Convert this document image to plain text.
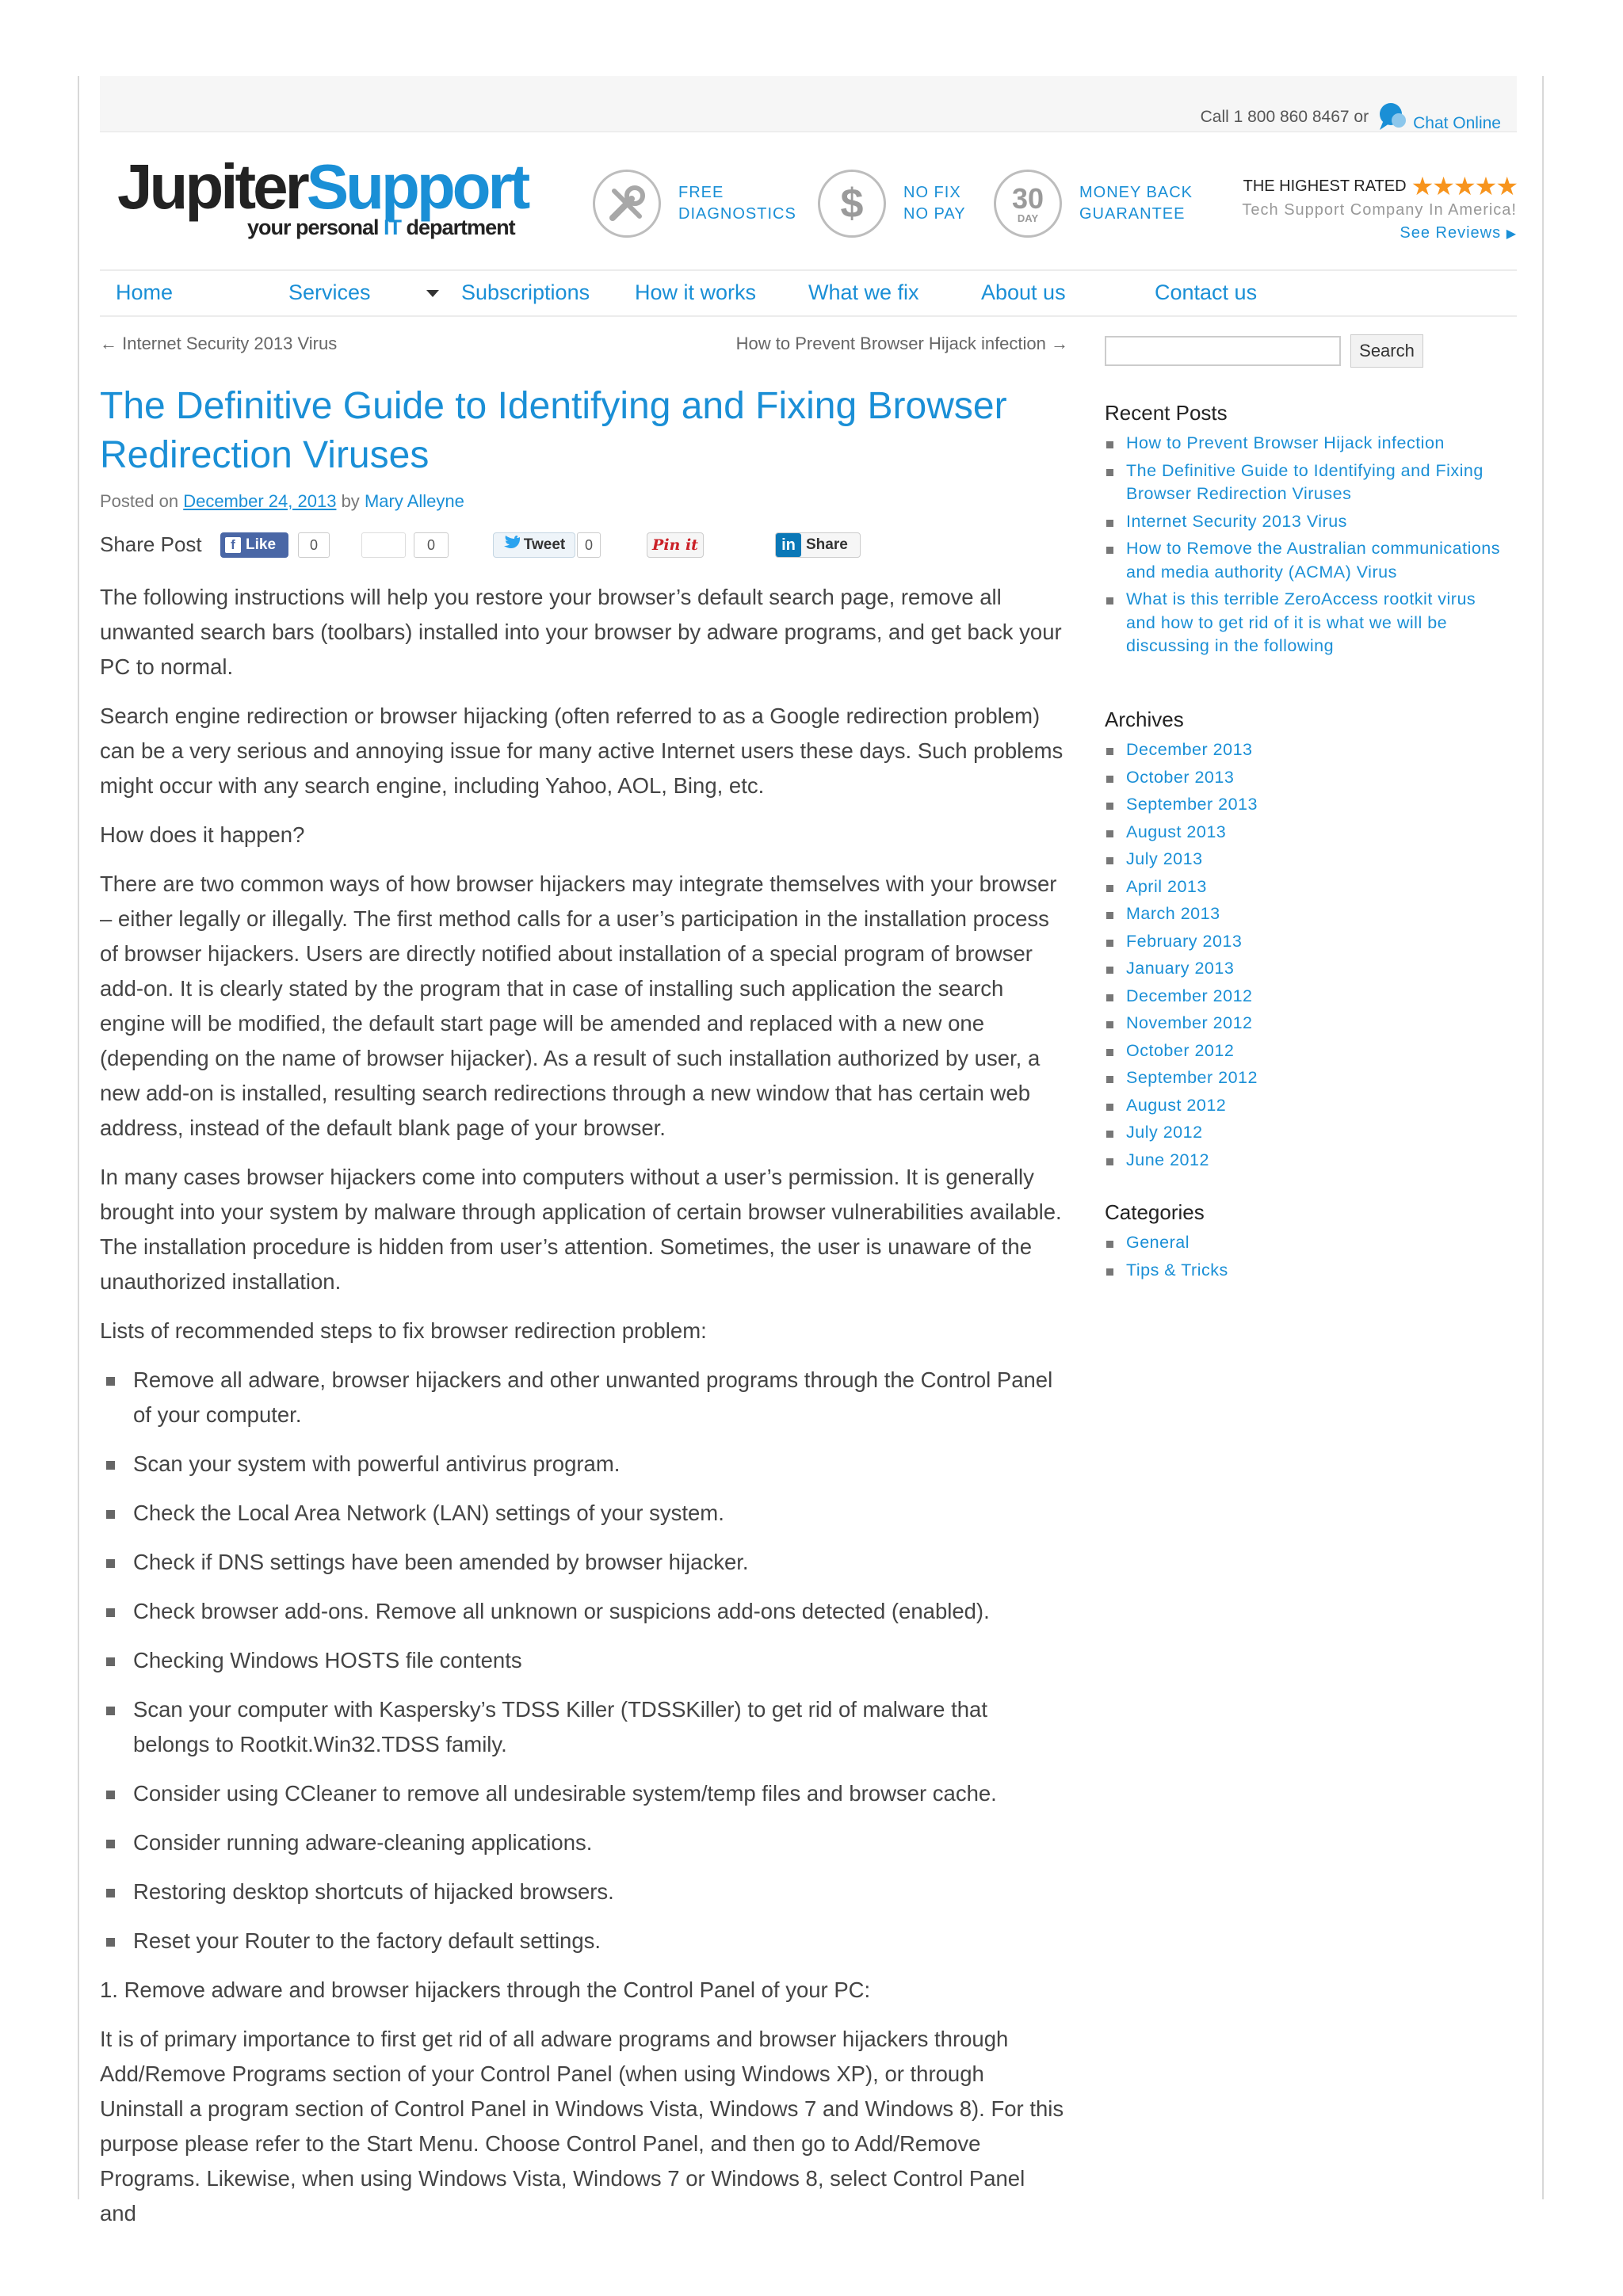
Call 1 800 860 8467 or	Chat Online
JupiterSupport
your personal IT department
FREE
DIAGNOSTICS $	NO FIX
NO PAY 30
DAY
MONEY BACK
GUARANTEE
THE HIGHEST RATED ★★★★★
Tech Support Company In America!
See Reviews ▶
Home	Services	Subscriptions How it works What we fix	About us	Contact us
← Internet Security 2013 Virus	How to Prevent Browser Hijack infection →
The Definitive Guide to Identifying and Fixing Browser Redirection Viruses
Posted on December 24, 2013 by Mary Alleyne
Share Post	f Like	0	0	Tweet	0	Pin it	in Share

The following instructions will help you restore your browser’s default search page, remove all unwanted search bars (toolbars) installed into your browser by adware programs, and get back your PC to normal.

Search engine redirection or browser hijacking (often referred to as a Google redirection problem) can be a very serious and annoying issue for many active Internet users these days. Such problems might occur with any search engine, including Yahoo, AOL, Bing, etc.

How does it happen?

There are two common ways of how browser hijackers may integrate themselves with your browser – either legally or illegally. The first method calls for a user’s participation in the installation process of browser hijackers. Users are directly notified about installation of a special program of browser add-on. It is clearly stated by the program that in case of installing such application the search engine will be modified, the default start page will be amended and replaced with a new one (depending on the name of browser hijacker). As a result of such installation authorized by user, a new add-on is installed, resulting search redirections through a new window that has certain web address, instead of the default blank page of your browser.

In many cases browser hijackers come into computers without a user’s permission. It is generally brought into your system by malware through application of certain browser vulnerabilities available. The installation procedure is hidden from user’s attention. Sometimes, the user is unaware of the unauthorized installation.

Lists of recommended steps to fix browser redirection problem:

Remove all adware, browser hijackers and other unwanted programs through the Control Panel of your computer.
Scan your system with powerful antivirus program.
Check the Local Area Network (LAN) settings of your system.
Check if DNS settings have been amended by browser hijacker.
Check browser add-ons. Remove all unknown or suspicions add-ons detected (enabled).
Checking Windows HOSTS file contents
Scan your computer with Kaspersky’s TDSS Killer (TDSSKiller) to get rid of malware that belongs to Rootkit.Win32.TDSS family.
Consider using CCleaner to remove all undesirable system/temp files and browser cache.
Consider running adware-cleaning applications.
Restoring desktop shortcuts of hijacked browsers.
Reset your Router to the factory default settings.

1. Remove adware and browser hijackers through the Control Panel of your PC:

It is of primary importance to first get rid of all adware programs and browser hijackers through Add/Remove Programs section of your Control Panel (when using Windows XP), or through Uninstall a program section of Control Panel in Windows Vista, Windows 7 and Windows 8). For this purpose please refer to the Start Menu. Choose Control Panel, and then go to Add/Remove Programs. Likewise, when using Windows Vista, Windows 7 or Windows 8, select Control Panel and

Search
Recent Posts
How to Prevent Browser Hijack infection
The Definitive Guide to Identifying and Fixing Browser Redirection Viruses
Internet Security 2013 Virus
How to Remove the Australian communications and media authority (ACMA) Virus
What is this terrible ZeroAccess rootkit virus and how to get rid of it is what we will be discussing in the following
Archives
December 2013
October 2013
September 2013
August 2013
July 2013
April 2013
March 2013
February 2013
January 2013
December 2012
November 2012
October 2012
September 2012
August 2012
July 2012
June 2012
Categories
General
Tips & Tricks
